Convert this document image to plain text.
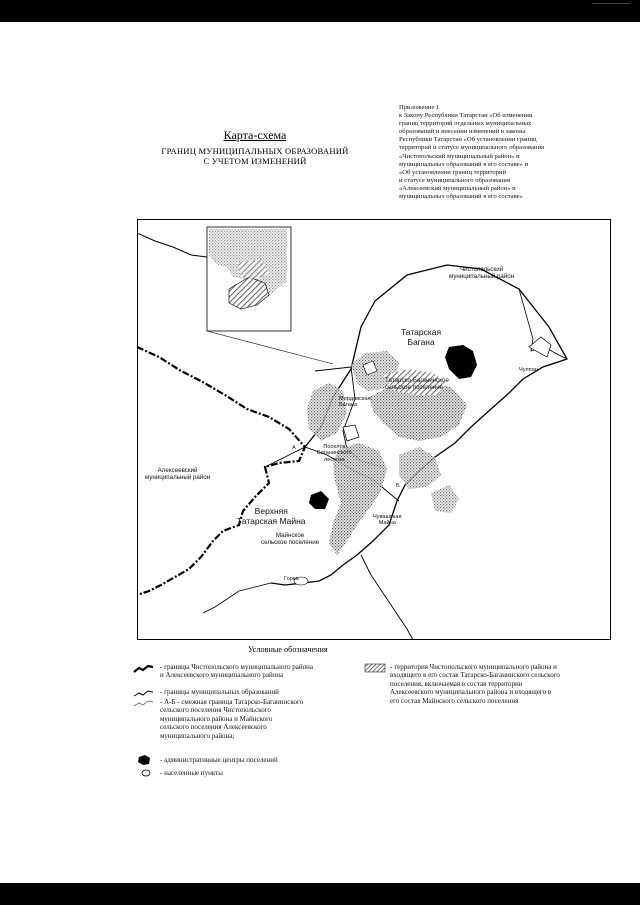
Приложение 1
к Закону Республики Татарстан «Об изменении
границ территорий отдельных муниципальных
образований и внесении изменений в законы
Республики Татарстан «Об установлении границ
территорий и статусе муниципального образования
«Чистопольский муниципальный район» и
муниципальных образований в его составе» и
«Об установлении границ территорий
и статусе муниципального образования
«Алексеевский муниципальный район» и
муниципальных образований в его составе»
Карта-схема
ГРАНИЦ МУНИЦИПАЛЬНЫХ ОБРАЗОВАНИЙ
С УЧЕТОМ ИЗМЕНЕНИЙ
Чистопольский
муниципальный район
Алексеевский
муниципальный район
Татарская
Багана
Татарско-Баганинское
сельское поселение
Мордовская
Багана
Поселок
Баганинского
лесхоза
Чулпан
Верхняя
Татарская Майна	Чувашская
Майна
Майнское
сельское поселение
Горка
А
Б
Условные обозначения
- границы Чистопольского муниципального района
и Алексеевского муниципального района
- границы муниципальных образований
- А-Б - смежная граница Татарско-Баганинского
сельского поселения Чистопольского
муниципального района и Майнского
сельского поселения Алексеевского
муниципального района;
- административные центры поселений
- населенные пункты
- территория Чистопольского муниципального района и
входящего в его состав Татарско-Баганинского сельского
поселения, включаемая в состав территории
Алексеевского муниципального района и входящего в
его состав Майнского сельского поселения
